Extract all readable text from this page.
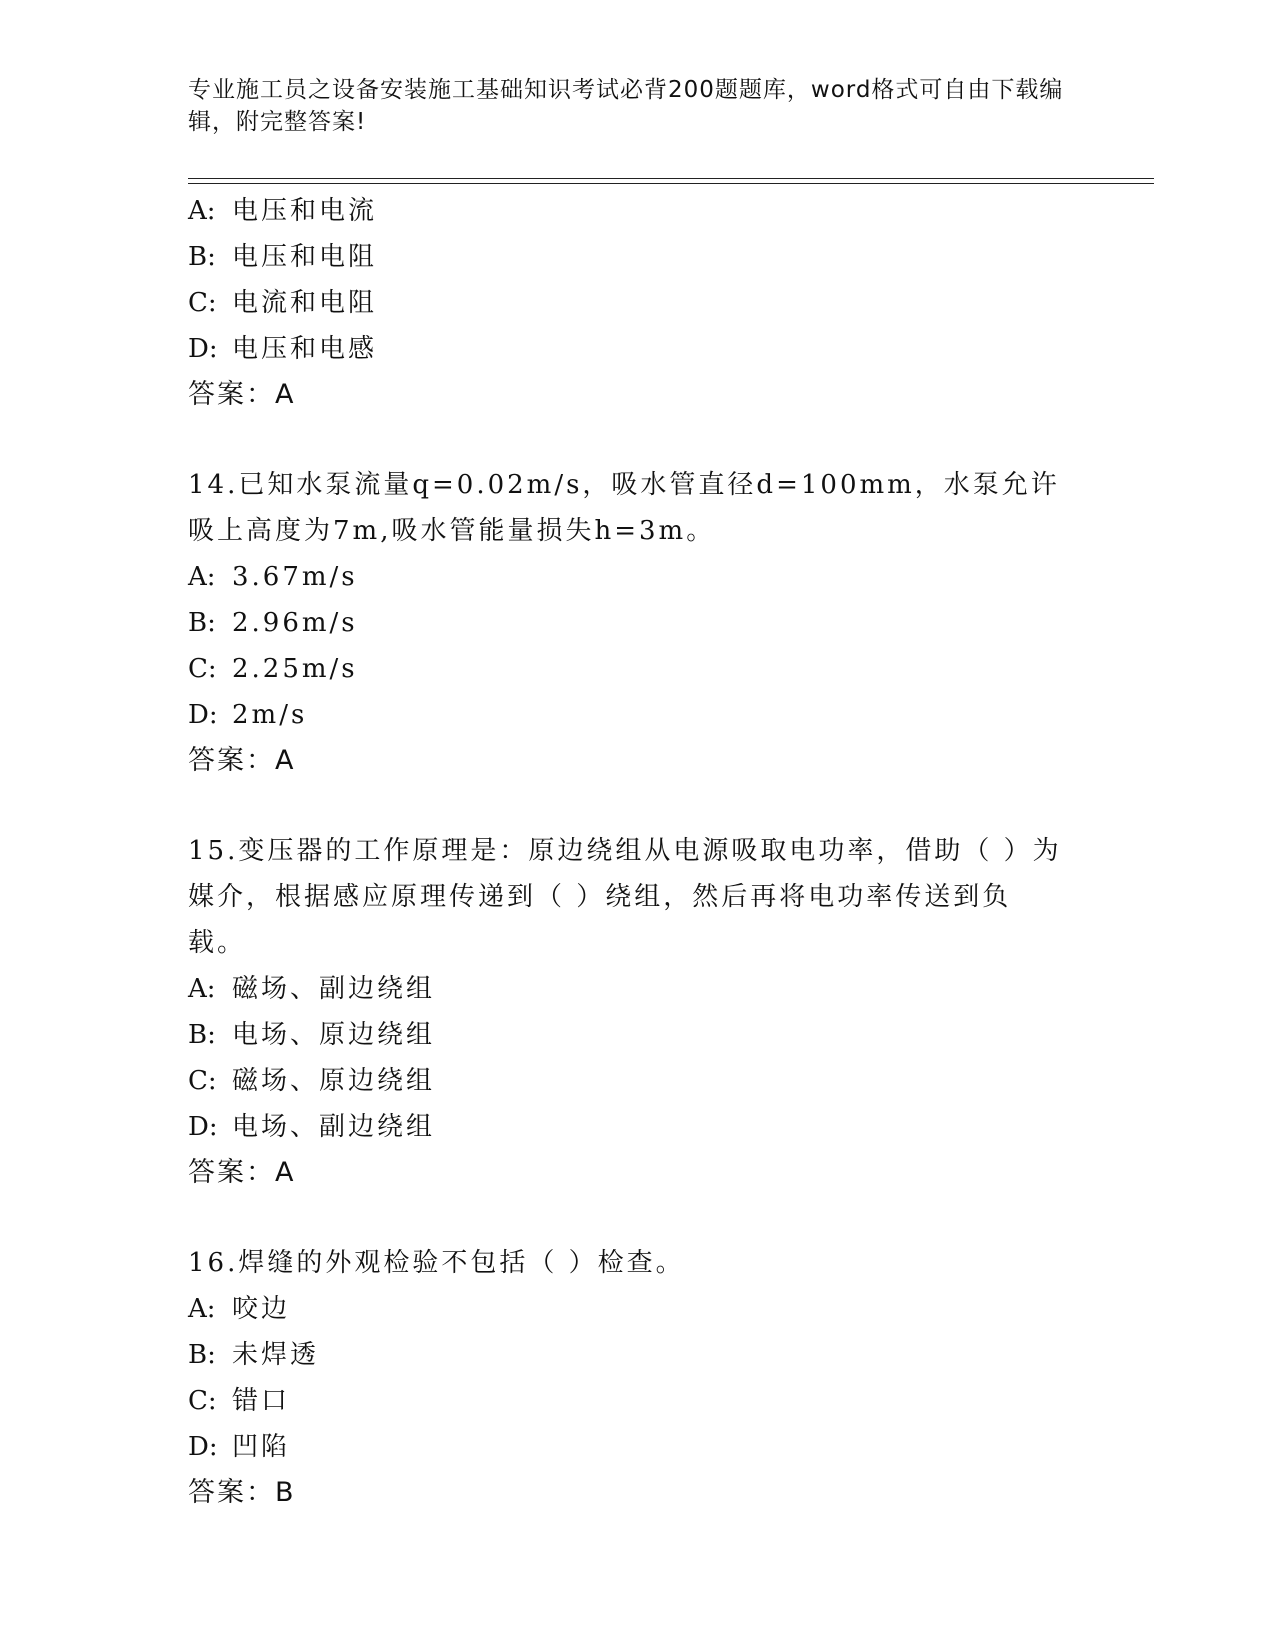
专业施工员之设备安装施工基础知识考试必背200题题库，word格式可自由下载编辑，附完整答案!
A: 电压和电流
B: 电压和电阻
C: 电流和电阻
D: 电压和电感
答案：A
14.已知水泵流量q=0.02m/s，吸水管直径d=100mm，水泵允许吸上高度为7m,吸水管能量损失h=3m。
A: 3.67m/s
B: 2.96m/s
C: 2.25m/s
D: 2m/s
答案：A
15.变压器的工作原理是：原边绕组从电源吸取电功率，借助（ ）为媒介，根据感应原理传递到（ ）绕组，然后再将电功率传送到负载。
A: 磁场、副边绕组
B: 电场、原边绕组
C: 磁场、原边绕组
D: 电场、副边绕组
答案：A
16.焊缝的外观检验不包括（ ）检查。
A: 咬边
B: 未焊透
C: 错口
D: 凹陷
答案：B
